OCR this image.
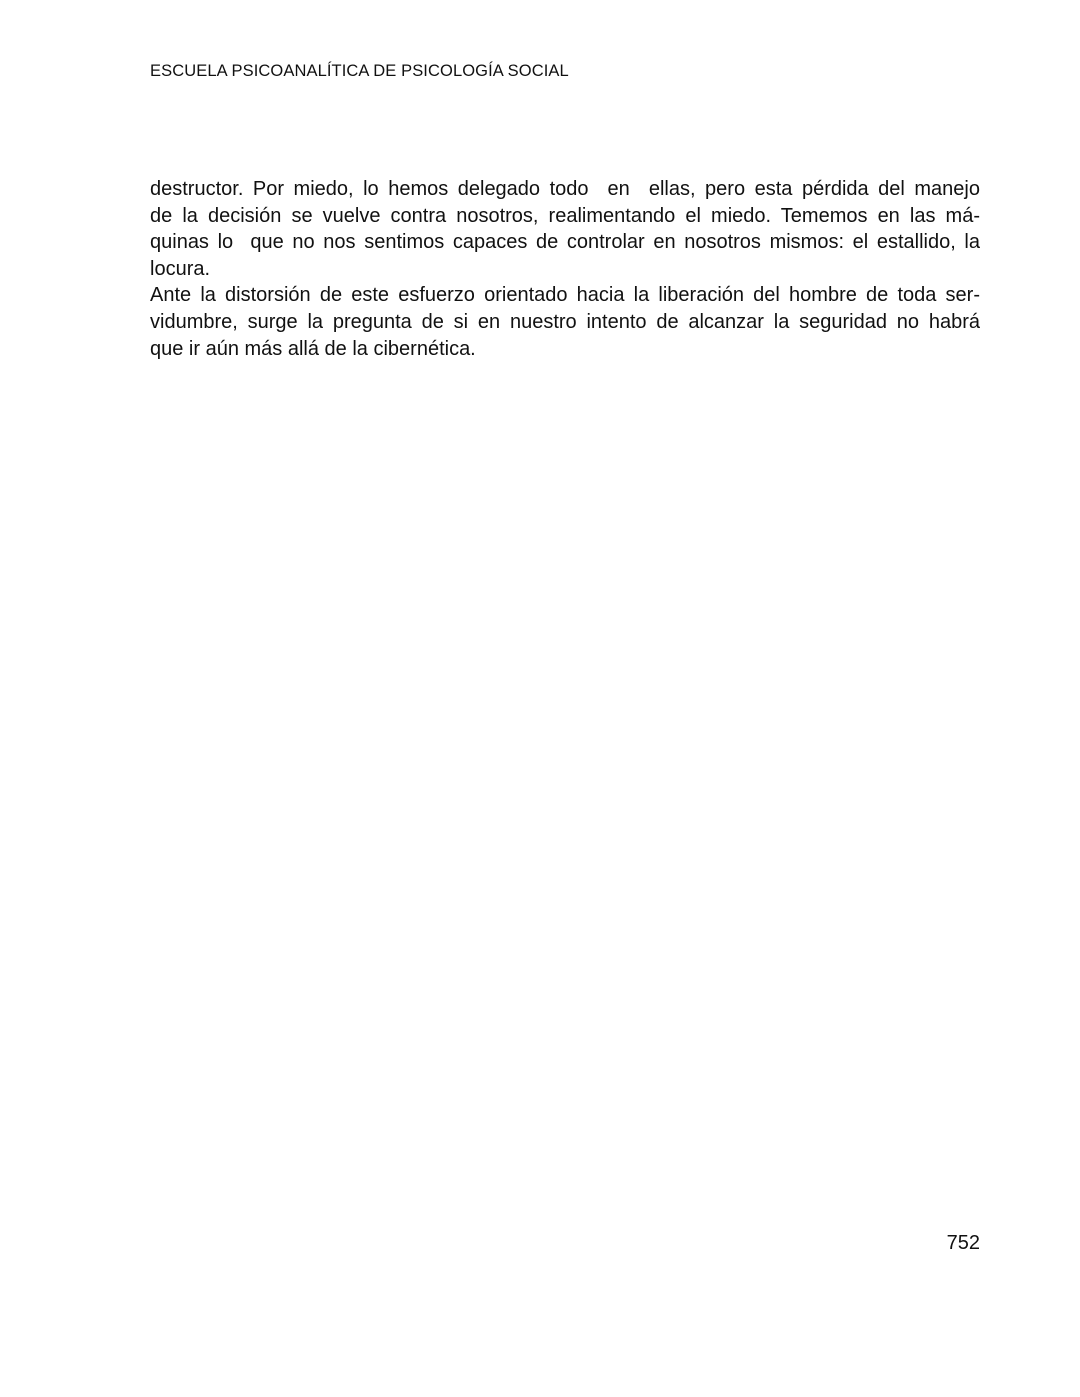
ESCUELA PSICOANALÍTICA DE PSICOLOGÍA SOCIAL
destructor. Por miedo, lo hemos delegado todo  en  ellas, pero esta pérdida del manejo
de la decisión se vuelve contra nosotros, realimentando el miedo. Tememos en las má-
quinas lo  que no nos sentimos capaces de controlar en nosotros mismos: el estallido, la
locura.
Ante la distorsión de este esfuerzo orientado hacia la liberación del hombre de toda ser-
vidumbre, surge la pregunta de si en nuestro intento de alcanzar la seguridad no habrá
que ir aún más allá de la cibernética.
752
